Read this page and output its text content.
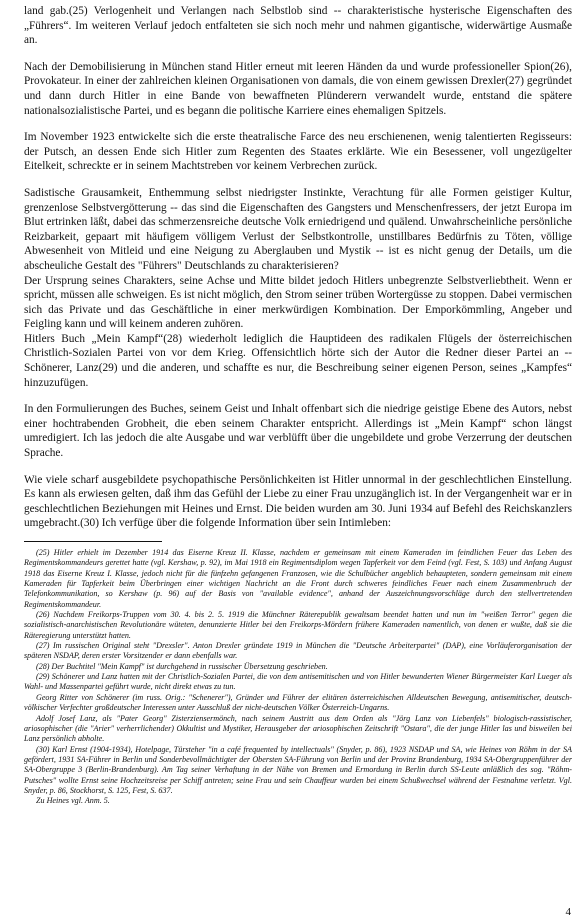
land gab.(25) Verlogenheit und Verlangen nach Selbstlob sind -- charakteristische hysterische Eigenschaften des „Führers“. Im weiteren Verlauf jedoch entfalteten sie sich noch mehr und nahmen gigantische, widerwärtige Ausmaße an.

Nach der Demobilisierung in München stand Hitler erneut mit leeren Händen da und wurde professioneller Spion(26), Provokateur. In einer der zahlreichen kleinen Organisationen von damals, die von einem gewissen Drexler(27) gegründet und dann durch Hitler in eine Bande von bewaffneten Plünderern verwandelt wurde, entstand die spätere nationalsozialistische Partei, und es begann die politische Karriere eines ehemaligen Spitzels.

Im November 1923 entwickelte sich die erste theatralische Farce des neu erschienenen, wenig talentierten Regisseurs: der Putsch, an dessen Ende sich Hitler zum Regenten des Staates erklärte. Wie ein Besessener, voll ungezügelter Eitelkeit, schreckte er in seinem Machtstreben vor keinem Verbrechen zurück.

Sadistische Grausamkeit, Enthemmung selbst niedrigster Instinkte, Verachtung für alle Formen geistiger Kultur, grenzenlose Selbstvergötterung -- das sind die Eigenschaften des Gangsters und Menschenfressers, der jetzt Europa im Blut ertrinken läßt, dabei das schmerzensreiche deutsche Volk erniedrigend und quälend. Unwahrscheinliche persönliche Reizbarkeit, gepaart mit häufigem völligem Verlust der Selbstkontrolle, unstillbares Bedürfnis zu Töten, völlige Abwesenheit von Mitleid und eine Neigung zu Aberglauben und Mystik -- ist es nicht genug der Details, um die abscheuliche Gestalt des "Führers" Deutschlands zu charakterisieren?

Der Ursprung seines Charakters, seine Achse und Mitte bildet jedoch Hitlers unbegrenzte Selbstverliebtheit. Wenn er spricht, müssen alle schweigen. Es ist nicht möglich, den Strom seiner trüben Wortergüsse zu stoppen. Dabei vermischen sich das Private und das Geschäftliche in einer merkwürdigen Kombination. Der Emporkömmling, Angeber und Feigling kann und will keinem anderen zuhören.

Hitlers Buch „Mein Kampf“(28) wiederholt lediglich die Hauptideen des radikalen Flügels der österreichischen Christlich-Sozialen Partei von vor dem Krieg. Offensichtlich hörte sich der Autor die Redner dieser Partei an -- Schönerer, Lanz(29) und die anderen, und schaffte es nur, die Beschreibung seiner eigenen Person, seines „Kampfes“ hinzuzufügen.

In den Formulierungen des Buches, seinem Geist und Inhalt offenbart sich die niedrige geistige Ebene des Autors, nebst einer hochtrabenden Grobheit, die eben seinem Charakter entspricht. Allerdings ist „Mein Kampf“ schon längst umredigiert. Ich las jedoch die alte Ausgabe und war verblüfft über die ungebildete und grobe Verzerrung der deutschen Sprache.

Wie viele scharf ausgebildete psychopathische Persönlichkeiten ist Hitler unnormal in der geschlechtlichen Einstellung. Es kann als erwiesen gelten, daß ihm das Gefühl der Liebe zu einer Frau unzugänglich ist. In der Vergangenheit war er in geschlechtlichen Beziehungen mit Heines und Ernst. Die beiden wurden am 30. Juni 1934 auf Befehl des Reichskanzlers umgebracht.(30) Ich verfüge über die folgende Information über sein Intimleben:

(25) Hitler erhielt im Dezember 1914 das Eiserne Kreuz II. Klasse, nachdem er gemeinsam mit einem Kameraden im feindlichen Feuer das Leben des Regimentskommandeurs gerettet hatte (vgl. Kershaw, p. 92), im Mai 1918 ein Regimentsdiplom wegen Tapferkeit vor dem Feind (vgl. Fest, S. 103) und Anfang August 1918 das Eiserne Kreuz I. Klasse, jedoch nicht für die fünfzehn gefangenen Franzosen, wie die Schulbücher angeblich behaupteten, sondern gemeinsam mit einem Kameraden für Tapferkeit beim Überbringen einer wichtigen Nachricht an die Front durch schweres feindliches Feuer nach einem Zusammenbruch der Telefonkommunikation, so Kershaw (p. 96) auf der Basis von "available evidence", anhand der Auszeichnungsvorschläge durch den stellvertretenden Regimentskommandeur.

(26) Nachdem Freikorps-Truppen vom 30. 4. bis 2. 5. 1919 die Münchner Räterepublik gewaltsam beendet hatten und nun im "weißen Terror" gegen die sozialistisch-anarchistischen Revolutionäre wüteten, denunzierte Hitler bei den Freikorps-Mördern frühere Kameraden namentlich, von denen er wußte, daß sie die Räteregierung unterstützt hatten.

(27) Im russischen Original steht "Drexsler". Anton Drexler gründete 1919 in München die "Deutsche Arbeiterpartei" (DAP), eine Vorläuferorganisation der späteren NSDAP, deren erster Vorsitzender er dann ebenfalls war.

(28) Der Buchtitel "Mein Kampf" ist durchgehend in russischer Übersetzung geschrieben.

(29) Schönerer und Lanz hatten mit der Christlich-Sozialen Partei, die von dem antisemitischen und von Hitler bewunderten Wiener Bürgermeister Karl Lueger als Wahl- und Massenpartei geführt wurde, nicht direkt etwas zu tun.

Georg Ritter von Schönerer (im russ. Orig.: "Schenerer"), Gründer und Führer der elitären österreichischen Alldeutschen Bewegung, antisemitischer, deutsch-völkischer Verfechter großdeutscher Interessen unter Ausschluß der nicht-deutschen Völker Österreich-Ungarns.

Adolf Josef Lanz, als "Pater Georg" Zisterziensermönch, nach seinem Austritt aus dem Orden als "Jörg Lanz von Liebenfels" biologisch-rassistischer, ariosophischer (die "Arier" verherrlichender) Okkultist und Mystiker, Herausgeber der ariosophischen Zeitschrift "Ostara", die der junge Hitler las und bisweilen bei Lanz persönlich abholte.

(30) Karl Ernst (1904-1934), Hotelpage, Türsteher "in a café frequented by intellectuals" (Snyder, p. 86), 1923 NSDAP und SA, wie Heines von Röhm in der SA gefördert, 1931 SA-Führer in Berlin und Sonderbevollmächtigter der Obersten SA-Führung von Berlin und der Provinz Brandenburg, 1934 SA-Obergruppenführer der SA-Obergruppe 3 (Berlin-Brandenburg). Am Tag seiner Verhaftung in der Nähe von Bremen und Ermordung in Berlin durch SS-Leute anläßlich des sog. "Röhm-Putsches" wollte Ernst seine Hochzeitsreise per Schiff antreten; seine Frau und sein Chauffeur wurden bei einem Schußwechsel während der Festnahme verletzt. Vgl. Snyder, p. 86, Stockhorst, S. 125, Fest, S. 637.

Zu Heines vgl. Anm. 5.

4
